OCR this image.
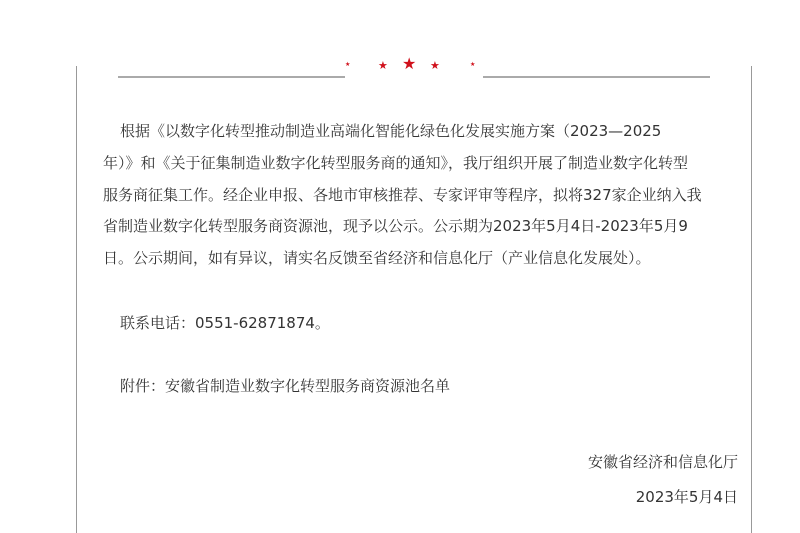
★	★ ★ ★	★
根据《以数字化转型推动制造业高端化智能化绿色化发展实施方案（2023—2025
年）》和《关于征集制造业数字化转型服务商的通知》，我厅组织开展了制造业数字化转型
服务商征集工作。经企业申报、各地市审核推荐、专家评审等程序，拟将327家企业纳入我
省制造业数字化转型服务商资源池，现予以公示。公示期为2023年5月4日-2023年5月9
日。公示期间，如有异议，请实名反馈至省经济和信息化厅（产业信息化发展处）。
联系电话：0551-62871874。
附件：安徽省制造业数字化转型服务商资源池名单
安徽省经济和信息化厅
2023年5月4日
